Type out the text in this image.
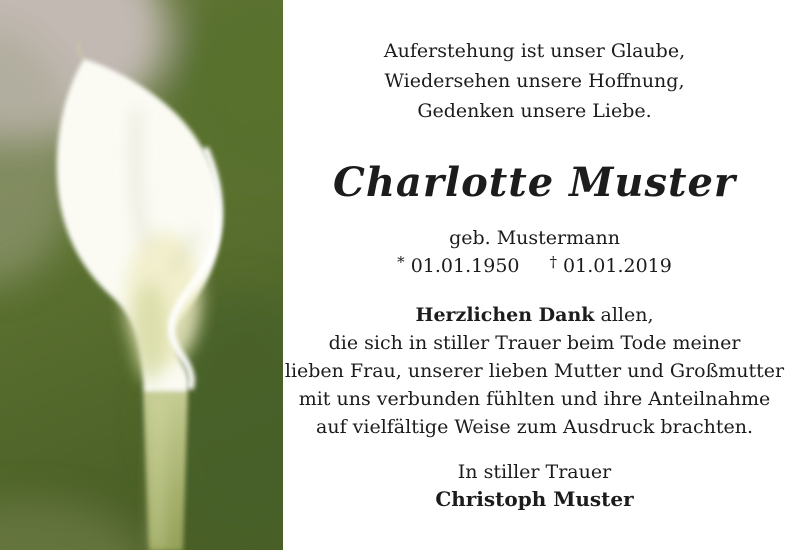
Auferstehung ist unser Glaube,
Wiedersehen unsere Hoffnung,
Gedenken unsere Liebe.
Charlotte Muster
geb. Mustermann
* 01.01.1950 † 01.01.2019
Herzlichen Dank allen,
die sich in stiller Trauer beim Tode meiner
lieben Frau, unserer lieben Mutter und Großmutter
mit uns verbunden fühlten und ihre Anteilnahme
auf vielfältige Weise zum Ausdruck brachten.
In stiller Trauer
Christoph Muster
